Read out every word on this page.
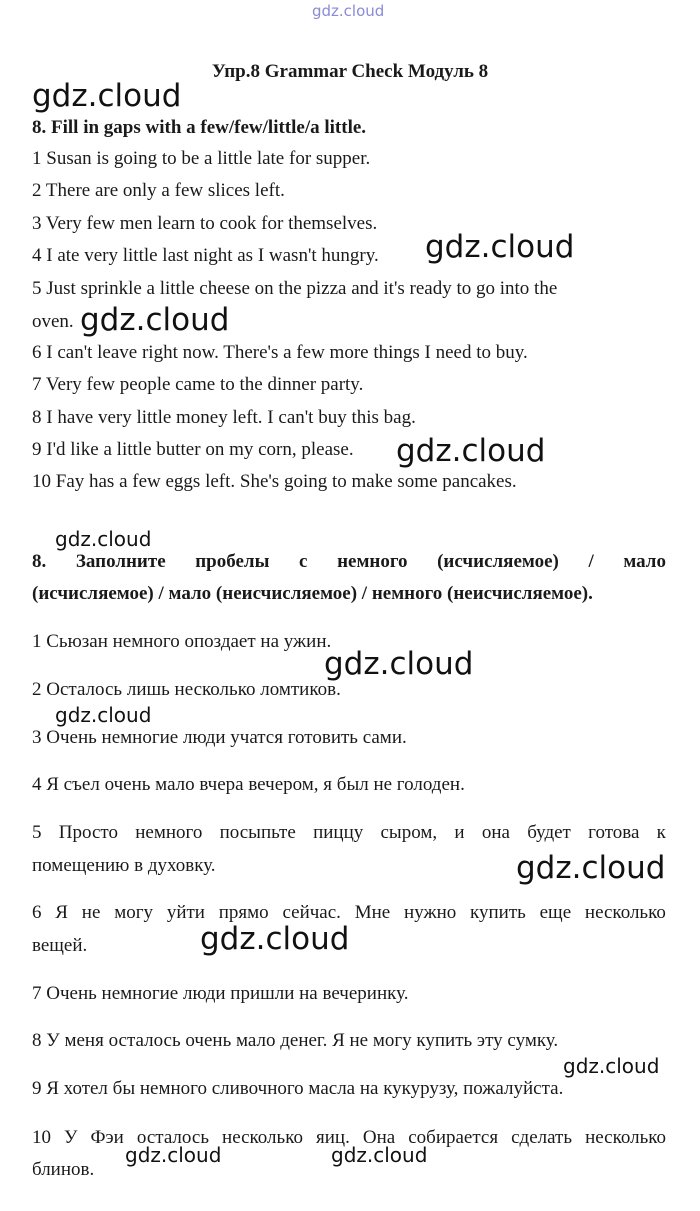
gdz.cloud
gdz.cloud
gdz.cloud
gdz.cloud
gdz.cloud
gdz.cloud
gdz.cloud
gdz.cloud
gdz.cloud
gdz.cloud
gdz.cloud
gdz.cloud	gdz.cloud
Упр.8 Grammar Check Модуль 8
8. Fill in gaps with a few/few/little/a little.
1 Susan is going to be a little late for supper.
2 There are only a few slices left.
3 Very few men learn to cook for themselves.
4 I ate very little last night as I wasn't hungry.
5 Just sprinkle a little cheese on the pizza and it's ready to go into the
oven.
6 I can't leave right now. There's a few more things I need to buy.
7 Very few people came to the dinner party.
8 I have very little money left. I can't buy this bag.
9 I'd like a little butter on my corn, please.
10 Fay has a few eggs left. She's going to make some pancakes.
8. Заполните пробелы с немного (исчисляемое) / мало
(исчисляемое) / мало (неисчисляемое) / немного (неисчисляемое).
1 Сьюзан немного опоздает на ужин.
2 Осталось лишь несколько ломтиков.
3 Очень немногие люди учатся готовить сами.
4 Я съел очень мало вчера вечером, я был не голоден.
5 Просто немного посыпьте пиццу сыром, и она будет готова к
помещению в духовку.
6 Я не могу уйти прямо сейчас. Мне нужно купить еще несколько
вещей.
7 Очень немногие люди пришли на вечеринку.
8 У меня осталось очень мало денег. Я не могу купить эту сумку.
9 Я хотел бы немного сливочного масла на кукурузу, пожалуйста.
10 У Фэи осталось несколько яиц. Она собирается сделать несколько
блинов.
